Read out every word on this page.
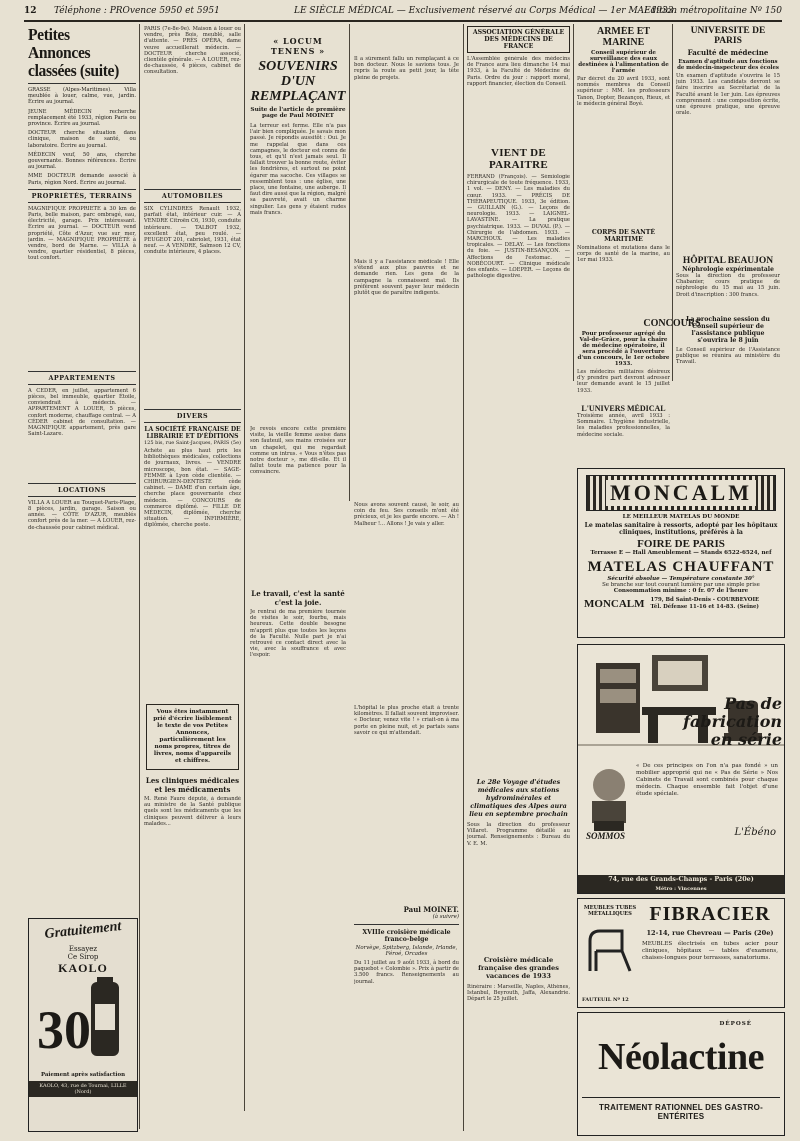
12 Téléphone : PROvence 5950 et 5951	LE SIÈCLE MÉDICAL — Exclusivement réservé au Corps Médical — 1er MAI 1933.
Edition métropolitaine Nº 150
Petites Annonces classées (suite)
GRASSE (Alpes-Maritimes). Villa meublée à louer, calme, vue, jardin. Écrire au journal.
JEUNE MÉDECIN recherche remplacement été 1933, région Paris ou province. Écrire au journal.
DOCTEUR cherche situation dans clinique, maison de santé, ou laboratoire. Écrire au journal.
MÉDECIN veuf, 50 ans, cherche gouvernante. Bonnes références. Écrire au journal.
MME DOCTEUR demande associé à Paris, région Nord. Écrire au journal.
PROPRIÉTÉS, TERRAINS
MAGNIFIQUE PROPRIÉTÉ à 30 km de Paris, belle maison, parc ombragé, eau, électricité, garage. Prix intéressant. Écrire au journal. — DOCTEUR vend propriété, Côte d'Azur, vue sur mer, jardin. — MAGNIFIQUE PROPRIÉTÉ à vendre, bord de Marne. — VILLA à vendre, quartier résidentiel, 8 pièces, tout confort.
APPARTEMENTS
A CÉDER, en juillet, appartement 6 pièces, bel immeuble, quartier Étoile, conviendrait à médecin. — APPARTEMENT A LOUER, 5 pièces, confort moderne, chauffage central. — A CÉDER cabinet de consultation. — MAGNIFIQUE appartement, près gare Saint-Lazare.
LOCATIONS
VILLA A LOUER au Touquet-Paris-Plage, 8 pièces, jardin, garage. Saison ou année. — CÔTE D'AZUR, meublés confort près de la mer. — A LOUER, rez-de-chaussée pour cabinet médical.
Gratuitement
Essayez
Ce Sirop
KAOLO
30
Paiement après satisfaction
KAOLO, 43, rue de Tournai, LILLE (Nord)
PARIS (7e-8e-9e). Maison à louer ou vendre, près Bois, meublé, salle d'attente. — PRÈS OPÉRA, dame veuve accueillerait médecin. — DOCTEUR cherche associé, clientèle générale. — A LOUER, rez-de-chaussée, 4 pièces, cabinet de consultation.
AUTOMOBILES
SIX CYLINDRES Renault 1932, parfait état, intérieur cuir. — A VENDRE Citroën C6, 1930, conduite intérieure. — TALBOT 1932, excellent état, peu roulé. — PEUGEOT 201, cabriolet, 1931, état neuf. — A VENDRE, Salmson 12 CV, conduite intérieure, 4 places.
DIVERS
LA SOCIÉTÉ FRANÇAISE DE LIBRAIRIE ET D'ÉDITIONS
125 bis, rue Saint-Jacques, PARIS (5e)
Achète au plus haut prix les bibliothèques médicales, collections de journaux, livres. — VENDRE microscope, bon état. — SAGE-FEMME à Lyon cède clientèle. — CHIRURGIEN-DENTISTE cède cabinet. — DAME d'un certain âge, cherche place gouvernante chez médecin. — CONCOURS de commerce diplômé. — FILLE DE MÉDECIN, diplômée, cherche situation. — INFIRMIÈRE, diplômée, cherche poste.
Vous êtes instamment prié d'écrire lisiblement le texte de vos Petites Annonces, particulièrement les noms propres, titres de livres, noms d'appareils et chiffres.
Les cliniques médicales et les médicaments
M. René Faure député, à demandé au ministre de la Santé publique quels sont les médicaments que les cliniques peuvent délivrer à leurs malades...
« LOCUM TENENS »
SOUVENIRS D'UN REMPLAÇANT
Suite de l'article de première page de Paul MOINET
La terreur est ferme. Elle n'a pas l'air bien compliquée. Je savais mon passé. Je répondis aussitôt : Oui. Je me rappelai que dans ces campagnes, le docteur est connu de tous, et qu'il n'est jamais seul. Il fallait trouver la bonne route, éviter les fondrières, et surtout ne point égarer ma sacoche. Ces villages se ressemblent tous : une église, une place, une fontaine, une auberge. Il faut dire aussi que la région, malgré sa pauvreté, avait un charme singulier. Les gens y étaient rudes mais francs.
Je revois encore cette première visite, la vieille femme assise dans son fauteuil, ses mains croisées sur un chapelet, qui me regardait comme un intrus. « Vous n'êtes pas notre docteur », me dit-elle. Et il fallut toute ma patience pour la convaincre.
Le travail, c'est la santé c'est la joie.
Je rentrai de ma première tournée de visites le soir, fourbu, mais heureux. Cette double besogne m'apprit plus que toutes les leçons de la Faculté. Nulle part je n'ai retrouvé ce contact direct avec la vie, avec la souffrance et avec l'espoir.
Il a sûrement fallu un remplaçant à ce bon docteur. Nous le savions tous. Je repris la route au petit jour, la tête pleine de projets.
Mais il y a l'assistance médicale ! Elle s'étend aux plus pauvres et ne demande rien. Les gens de la campagne la connaissent mal. Ils préfèrent souvent payer leur médecin plutôt que de paraître indigents.
Nous avons souvent causé, le soir, au coin du feu. Ses conseils m'ont été précieux, et je les garde encore. — Ah ! Malheur !... Allons ! Je vais y aller.
L'hôpital le plus proche était à trente kilomètres. Il fallait souvent improviser. « Docteur, venez vite ! » criait-on à ma porte en pleine nuit, et je partais sans savoir ce qui m'attendait.
Paul MOINET.
(à suivre)
XVIIIe croisière médicale franco-belge
Norvège, Spitzberg, Islande, Irlande, Féroé, Orcades
Du 11 juillet au 9 août 1933, à bord du paquebot « Colombie ». Prix à partir de 3.500 francs. Renseignements au journal.
ASSOCIATION GÉNÉRALE DES MÉDECINS DE FRANCE
L'Assemblée générale des médecins de France aura lieu dimanche 14 mai 1933, à la Faculté de Médecine de Paris. Ordre du jour : rapport moral, rapport financier, élection du Conseil.
VIENT DE PARAITRE
FERRAND (François). — Sémiologie chirurgicale de toute fréquence. 1933, 1 vol. — DENY. — Les maladies du cœur. 1933. — PRÉCIS DE THÉRAPEUTIQUE. 1933, 3e édition. — GUILLAIN (G.). — Leçons de neurologie. 1933. — LAIGNEL-LAVASTINE. — La pratique psychiatrique. 1933. — DUVAL (P.). — Chirurgie de l'abdomen. 1933. — MARCHOUX. — Les maladies tropicales. — DELAY. — Les fonctions du foie. — JUSTIN-BESANÇON. — Affections de l'estomac. — NOBÉCOURT. — Clinique médicale des enfants. — LOEPER. — Leçons de pathologie digestive.
Le 28e Voyage d'études médicales aux stations hydrominérales et climatiques des Alpes aura lieu en septembre prochain
Sous la direction du professeur Villaret. Programme détaillé au journal. Renseignements : Bureau du V. E. M.
Croisière médicale française des grandes vacances de 1933
Itinéraire : Marseille, Naples, Athènes, Istanbul, Beyrouth, Jaffa, Alexandrie. Départ le 25 juillet.
ARMÉE ET MARINE
Conseil supérieur de surveillance des eaux destinées à l'alimentation de l'armée
Par décret du 20 avril 1933, sont nommés membres du Conseil supérieur : MM. les professeurs Tanon, Dopter, Bezançon, Rieux, et le médecin général Boyé.
CORPS DE SANTÉ MARITIME
Nominations et mutations dans le corps de santé de la marine, au 1er mai 1933.
CONCOURS
Pour professeur agrégé du Val-de-Grâce, pour la chaire de médecine opératoire, il sera procédé à l'ouverture d'un concours, le 1er octobre 1933.
Les médecins militaires désireux d'y prendre part devront adresser leur demande avant le 15 juillet 1933.
L'UNIVERS MÉDICAL
Troisième année, avril 1933 : Sommaire. L'hygiène industrielle, les maladies professionnelles, la médecine sociale.
UNIVERSITÉ DE PARIS
Faculté de médecine
Examen d'aptitude aux fonctions de médecin-inspecteur des écoles
Un examen d'aptitude s'ouvrira le 15 juin 1933. Les candidats devront se faire inscrire au Secrétariat de la Faculté avant le 1er juin. Les épreuves comprennent : une composition écrite, une épreuve pratique, une épreuve orale.
HÔPITAL BEAUJON
Néphrologie expérimentale
Sous la direction du professeur Chabanier, cours pratique de néphrologie du 15 mai au 15 juin. Droit d'inscription : 300 francs.
La prochaine session du Conseil supérieur de l'assistance publique s'ouvrira le 8 juin
Le Conseil supérieur de l'Assistance publique se réunira au ministère du Travail.
MONCALM
LE MEILLEUR MATELAS DU MONDE
Le matelas sanitaire à ressorts, adopté par les hôpitaux cliniques, institutions, préférés à la
FOIRE DE PARIS
Terrasse E — Hall Ameublement — Stands 6522-6524, nef
MATELAS CHAUFFANT
Sécurité absolue — Température constante 30°
Se branche sur tout courant lumière par une simple prise
Consommation minime : 0 fr. 07 de l'heure
MONCALM 179, Bd Saint-Denis - COURBEVOIE
Tél. Défense 11-16 et 14-83. (Seine)
Pas de
fabrication en série
« De ces principes on l'on n'a pas fondé » un mobilier approprié qui ne « Pas de Série » Nos Cabinets de Travail sont combinés pour chaque médecin. Chaque ensemble fait l'objet d'une étude spéciale.
SOMMOS	L'Ébéno
74, rue des Grands-Champs - Paris (20e)
Métro : Vincennes
MEUBLES TUBES MÉTALLIQUES
FAUTEUIL Nº 12
FIBRACIER
12-14, rue Chevreau — Paris (20e)
MEUBLES électrisés en tubes acier pour cliniques, hôpitaux — tables d'examens, chaises-longues pour terrasses, sanatoriums.
DÉPOSÉ
Néolactine
TRAITEMENT RATIONNEL DES GASTRO-ENTÉRITES
